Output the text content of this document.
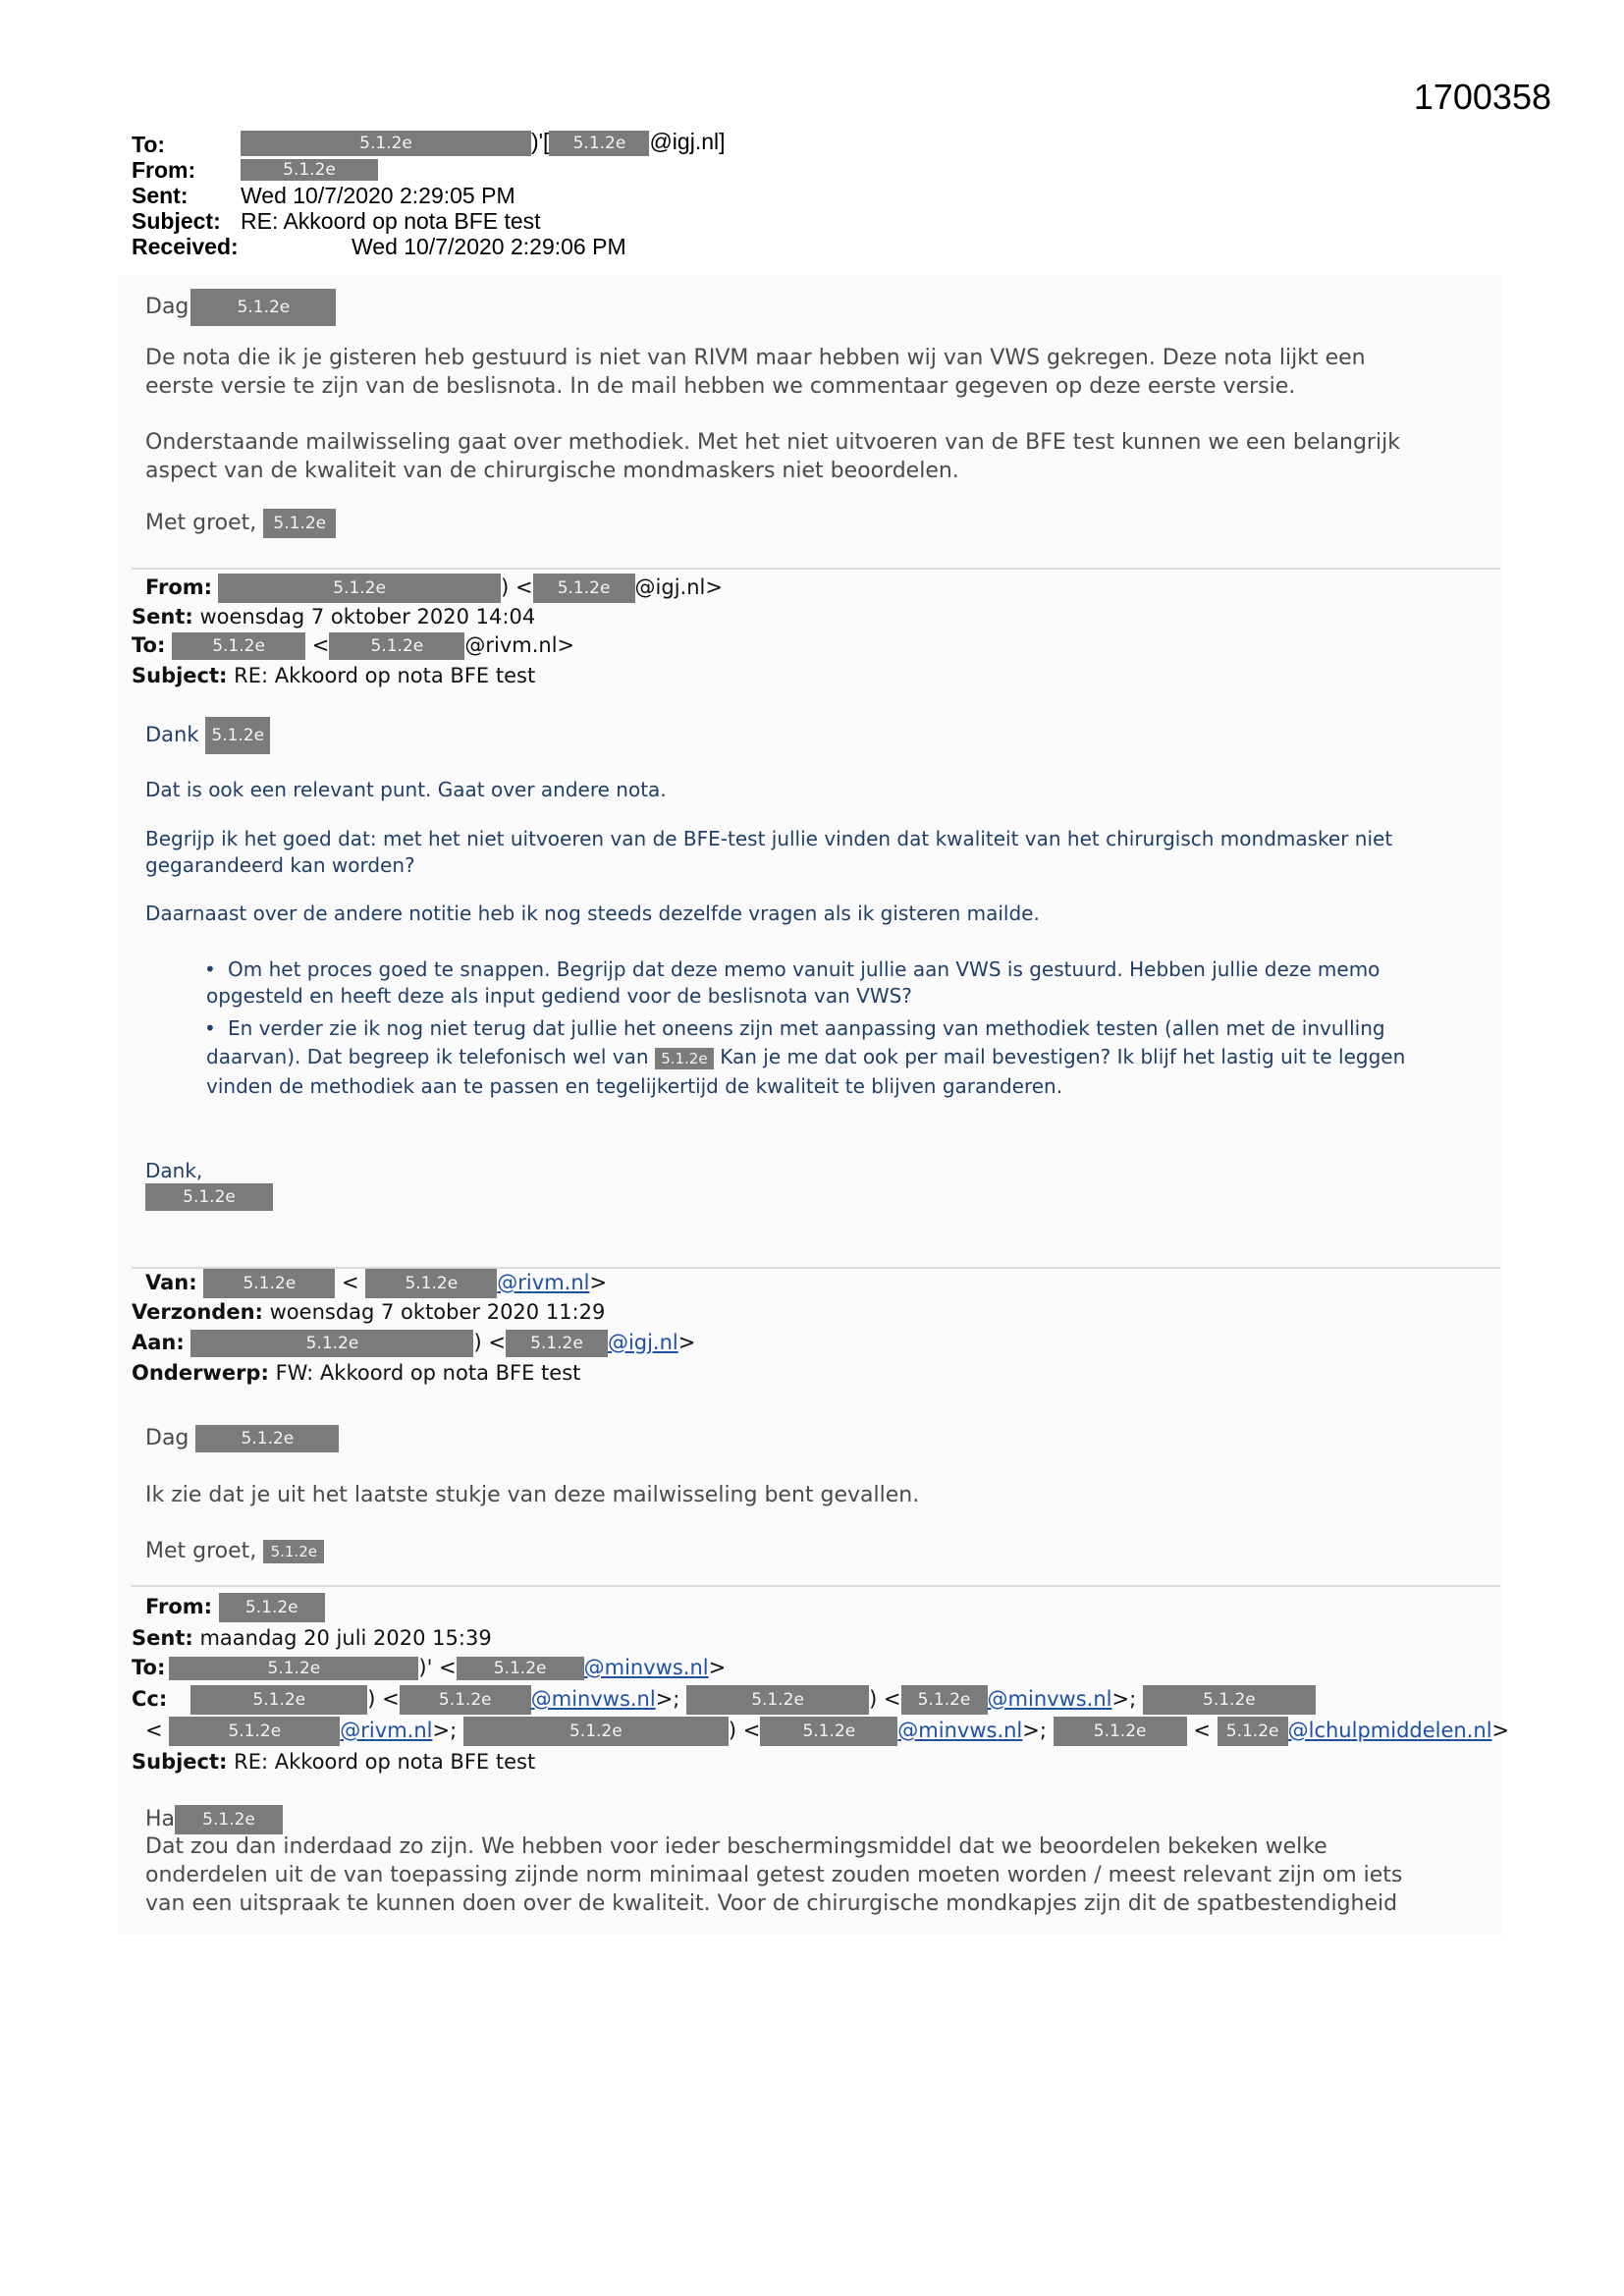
1700358
To:	5.1.2e	)'[ 5.1.2e @igj.nl]
From:	5.1.2e
Sent: Wed 10/7/2020 2:29:05 PM
Subject: RE: Akkoord op nota BFE test
Received:	Wed 10/7/2020 2:29:06 PM
Dag	5.1.2e
De nota die ik je gisteren heb gestuurd is niet van RIVM maar hebben wij van VWS gekregen. Deze nota lijkt een
eerste versie te zijn van de beslisnota. In de mail hebben we commentaar gegeven op deze eerste versie.
Onderstaande mailwisseling gaat over methodiek. Met het niet uitvoeren van de BFE test kunnen we een belangrijk
aspect van de kwaliteit van de chirurgische mondmaskers niet beoordelen.
Met groet, 5.1.2e
From:	5.1.2e	) < 5.1.2e @igj.nl>
Sent: woensdag 7 oktober 2020 14:04
To:	5.1.2e < 5.1.2e @rivm.nl>
Subject: RE: Akkoord op nota BFE test
Dank 5.1.2e
Dat is ook een relevant punt. Gaat over andere nota.
Begrijp ik het goed dat: met het niet uitvoeren van de BFE-test jullie vinden dat kwaliteit van het chirurgisch mondmasker niet
gegarandeerd kan worden?
Daarnaast over de andere notitie heb ik nog steeds dezelfde vragen als ik gisteren mailde.
• Om het proces goed te snappen. Begrijp dat deze memo vanuit jullie aan VWS is gestuurd. Hebben jullie deze memo
opgesteld en heeft deze als input gediend voor de beslisnota van VWS?
• En verder zie ik nog niet terug dat jullie het oneens zijn met aanpassing van methodiek testen (allen met de invulling
daarvan). Dat begreep ik telefonisch wel van 5.1.2e Kan je me dat ook per mail bevestigen? Ik blijf het lastig uit te leggen
vinden de methodiek aan te passen en tegelijkertijd de kwaliteit te blijven garanderen.
Dank,
5.1.2e
Van:	5.1.2e <	5.1.2e @rivm.nl>
Verzonden: woensdag 7 oktober 2020 11:29
Aan:	5.1.2e	) < 5.1.2e @igj.nl>
Onderwerp: FW: Akkoord op nota BFE test
Dag	5.1.2e
Ik zie dat je uit het laatste stukje van deze mailwisseling bent gevallen.
Met groet, 5.1.2e
From: 5.1.2e
Sent: maandag 20 juli 2020 15:39
To:	5.1.2e	)' < 5.1.2e @minvws.nl>
Cc:	5.1.2e	) < 5.1.2e @minvws.nl>;	5.1.2e	) < 5.1.2e @minvws.nl>;	5.1.2e
<	5.1.2e	@rivm.nl>;	5.1.2e	) <	5.1.2e @minvws.nl>;	5.1.2e < 5.1.2e @lchulpmiddelen.nl>
Subject: RE: Akkoord op nota BFE test
Ha 5.1.2e
Dat zou dan inderdaad zo zijn. We hebben voor ieder beschermingsmiddel dat we beoordelen bekeken welke
onderdelen uit de van toepassing zijnde norm minimaal getest zouden moeten worden / meest relevant zijn om iets
van een uitspraak te kunnen doen over de kwaliteit. Voor de chirurgische mondkapjes zijn dit de spatbestendigheid
